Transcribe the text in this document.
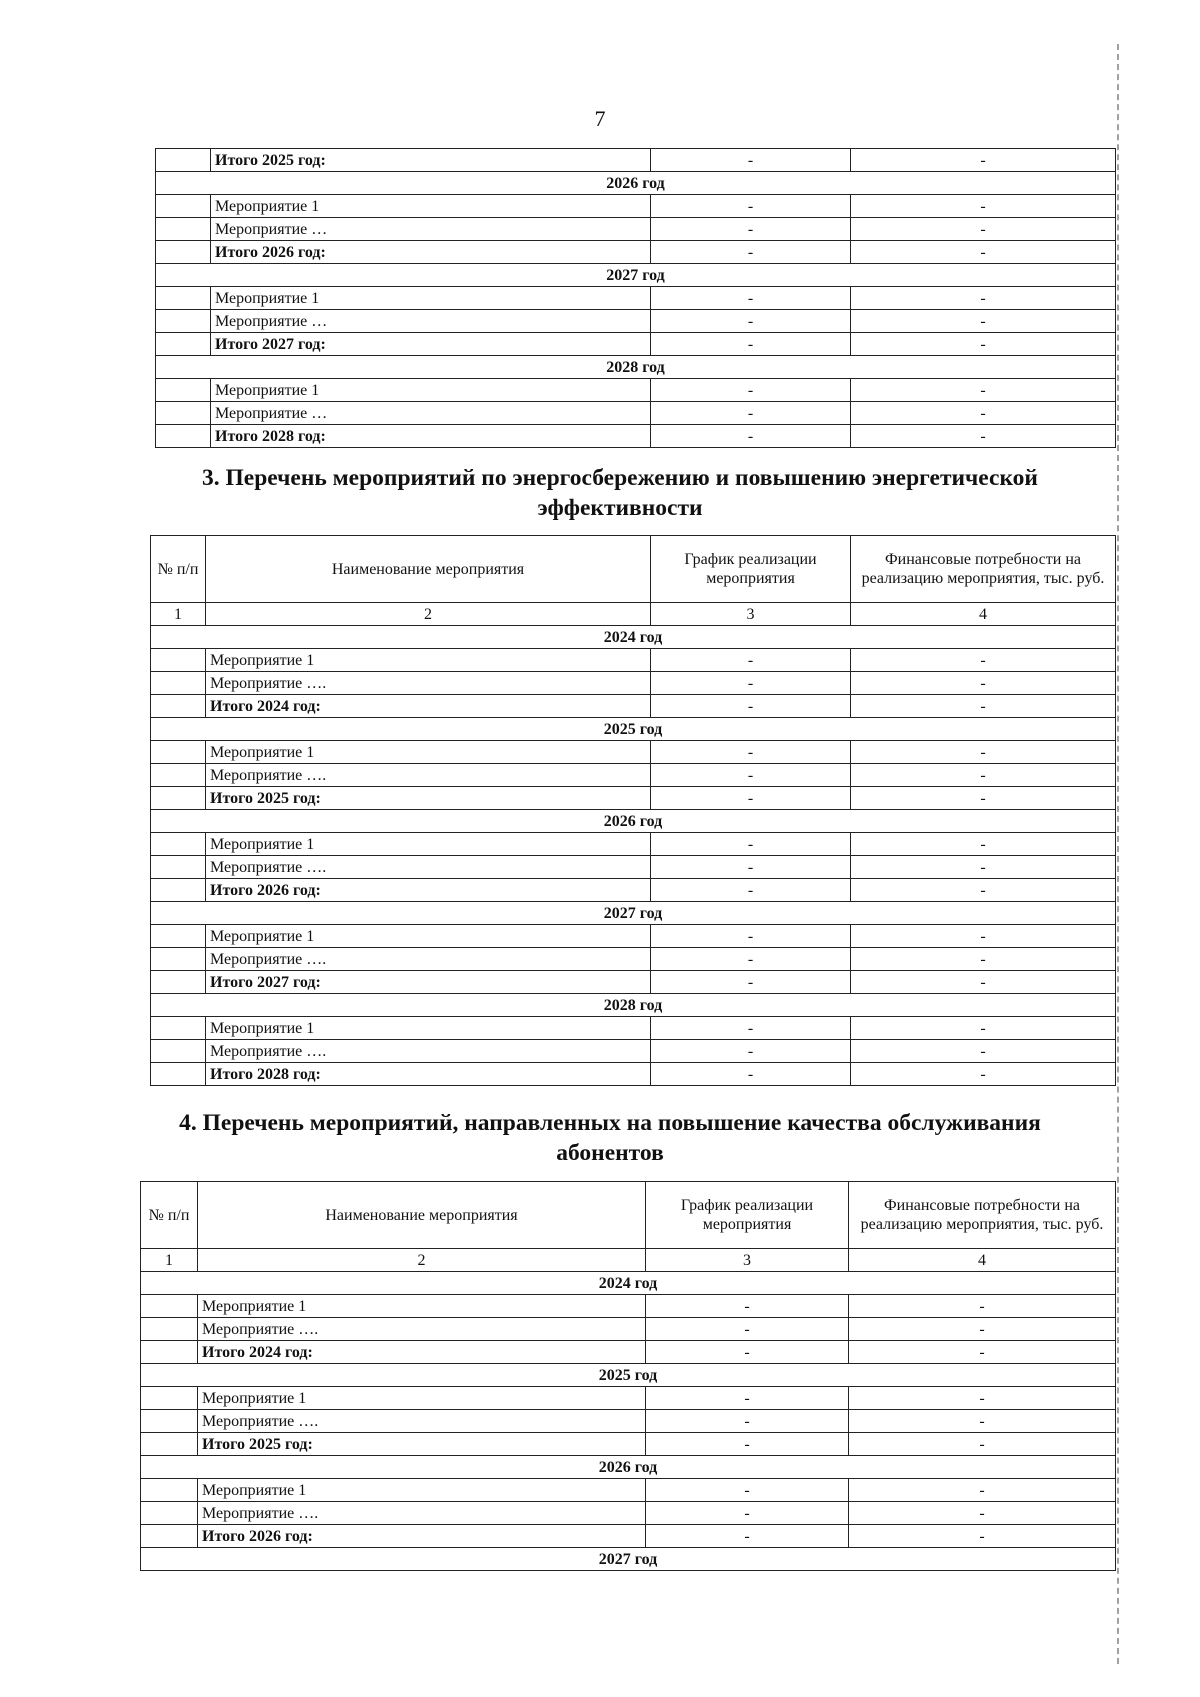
7
	Итого 2025 год:	-	-
2026 год			
	Мероприятие 1	-	-
	Мероприятие …	-	-
	Итого 2026 год:	-	-
2027 год			
	Мероприятие 1	-	-
	Мероприятие …	-	-
	Итого 2027 год:	-	-
2028 год			
	Мероприятие 1	-	-
	Мероприятие …	-	-
	Итого 2028 год:	-	-
3. Перечень мероприятий по энергосбережению и повышению энергетической эффективности
№ п/п	Наименование мероприятия	График реализации мероприятия	Финансовые потребности на реализацию мероприятия, тыс. руб.
1	2	3	4
2024 год			
	Мероприятие 1	-	-
	Мероприятие ….	-	-
	Итого 2024 год:	-	-
2025 год			
	Мероприятие 1	-	-
	Мероприятие ….	-	-
	Итого 2025 год:	-	-
2026 год			
	Мероприятие 1	-	-
	Мероприятие ….	-	-
	Итого 2026 год:	-	-
2027 год			
	Мероприятие 1	-	-
	Мероприятие ….	-	-
	Итого 2027 год:	-	-
2028 год			
	Мероприятие 1	-	-
	Мероприятие ….	-	-
	Итого 2028 год:	-	-
4. Перечень мероприятий, направленных на повышение качества обслуживания абонентов
№ п/п	Наименование мероприятия	График реализации мероприятия	Финансовые потребности на реализацию мероприятия, тыс. руб.
1	2	3	4
2024 год			
	Мероприятие 1	-	-
	Мероприятие ….	-	-
	Итого 2024 год:	-	-
2025 год			
	Мероприятие 1	-	-
	Мероприятие ….	-	-
	Итого 2025 год:	-	-
2026 год			
	Мероприятие 1	-	-
	Мероприятие ….	-	-
	Итого 2026 год:	-	-
2027 год			
